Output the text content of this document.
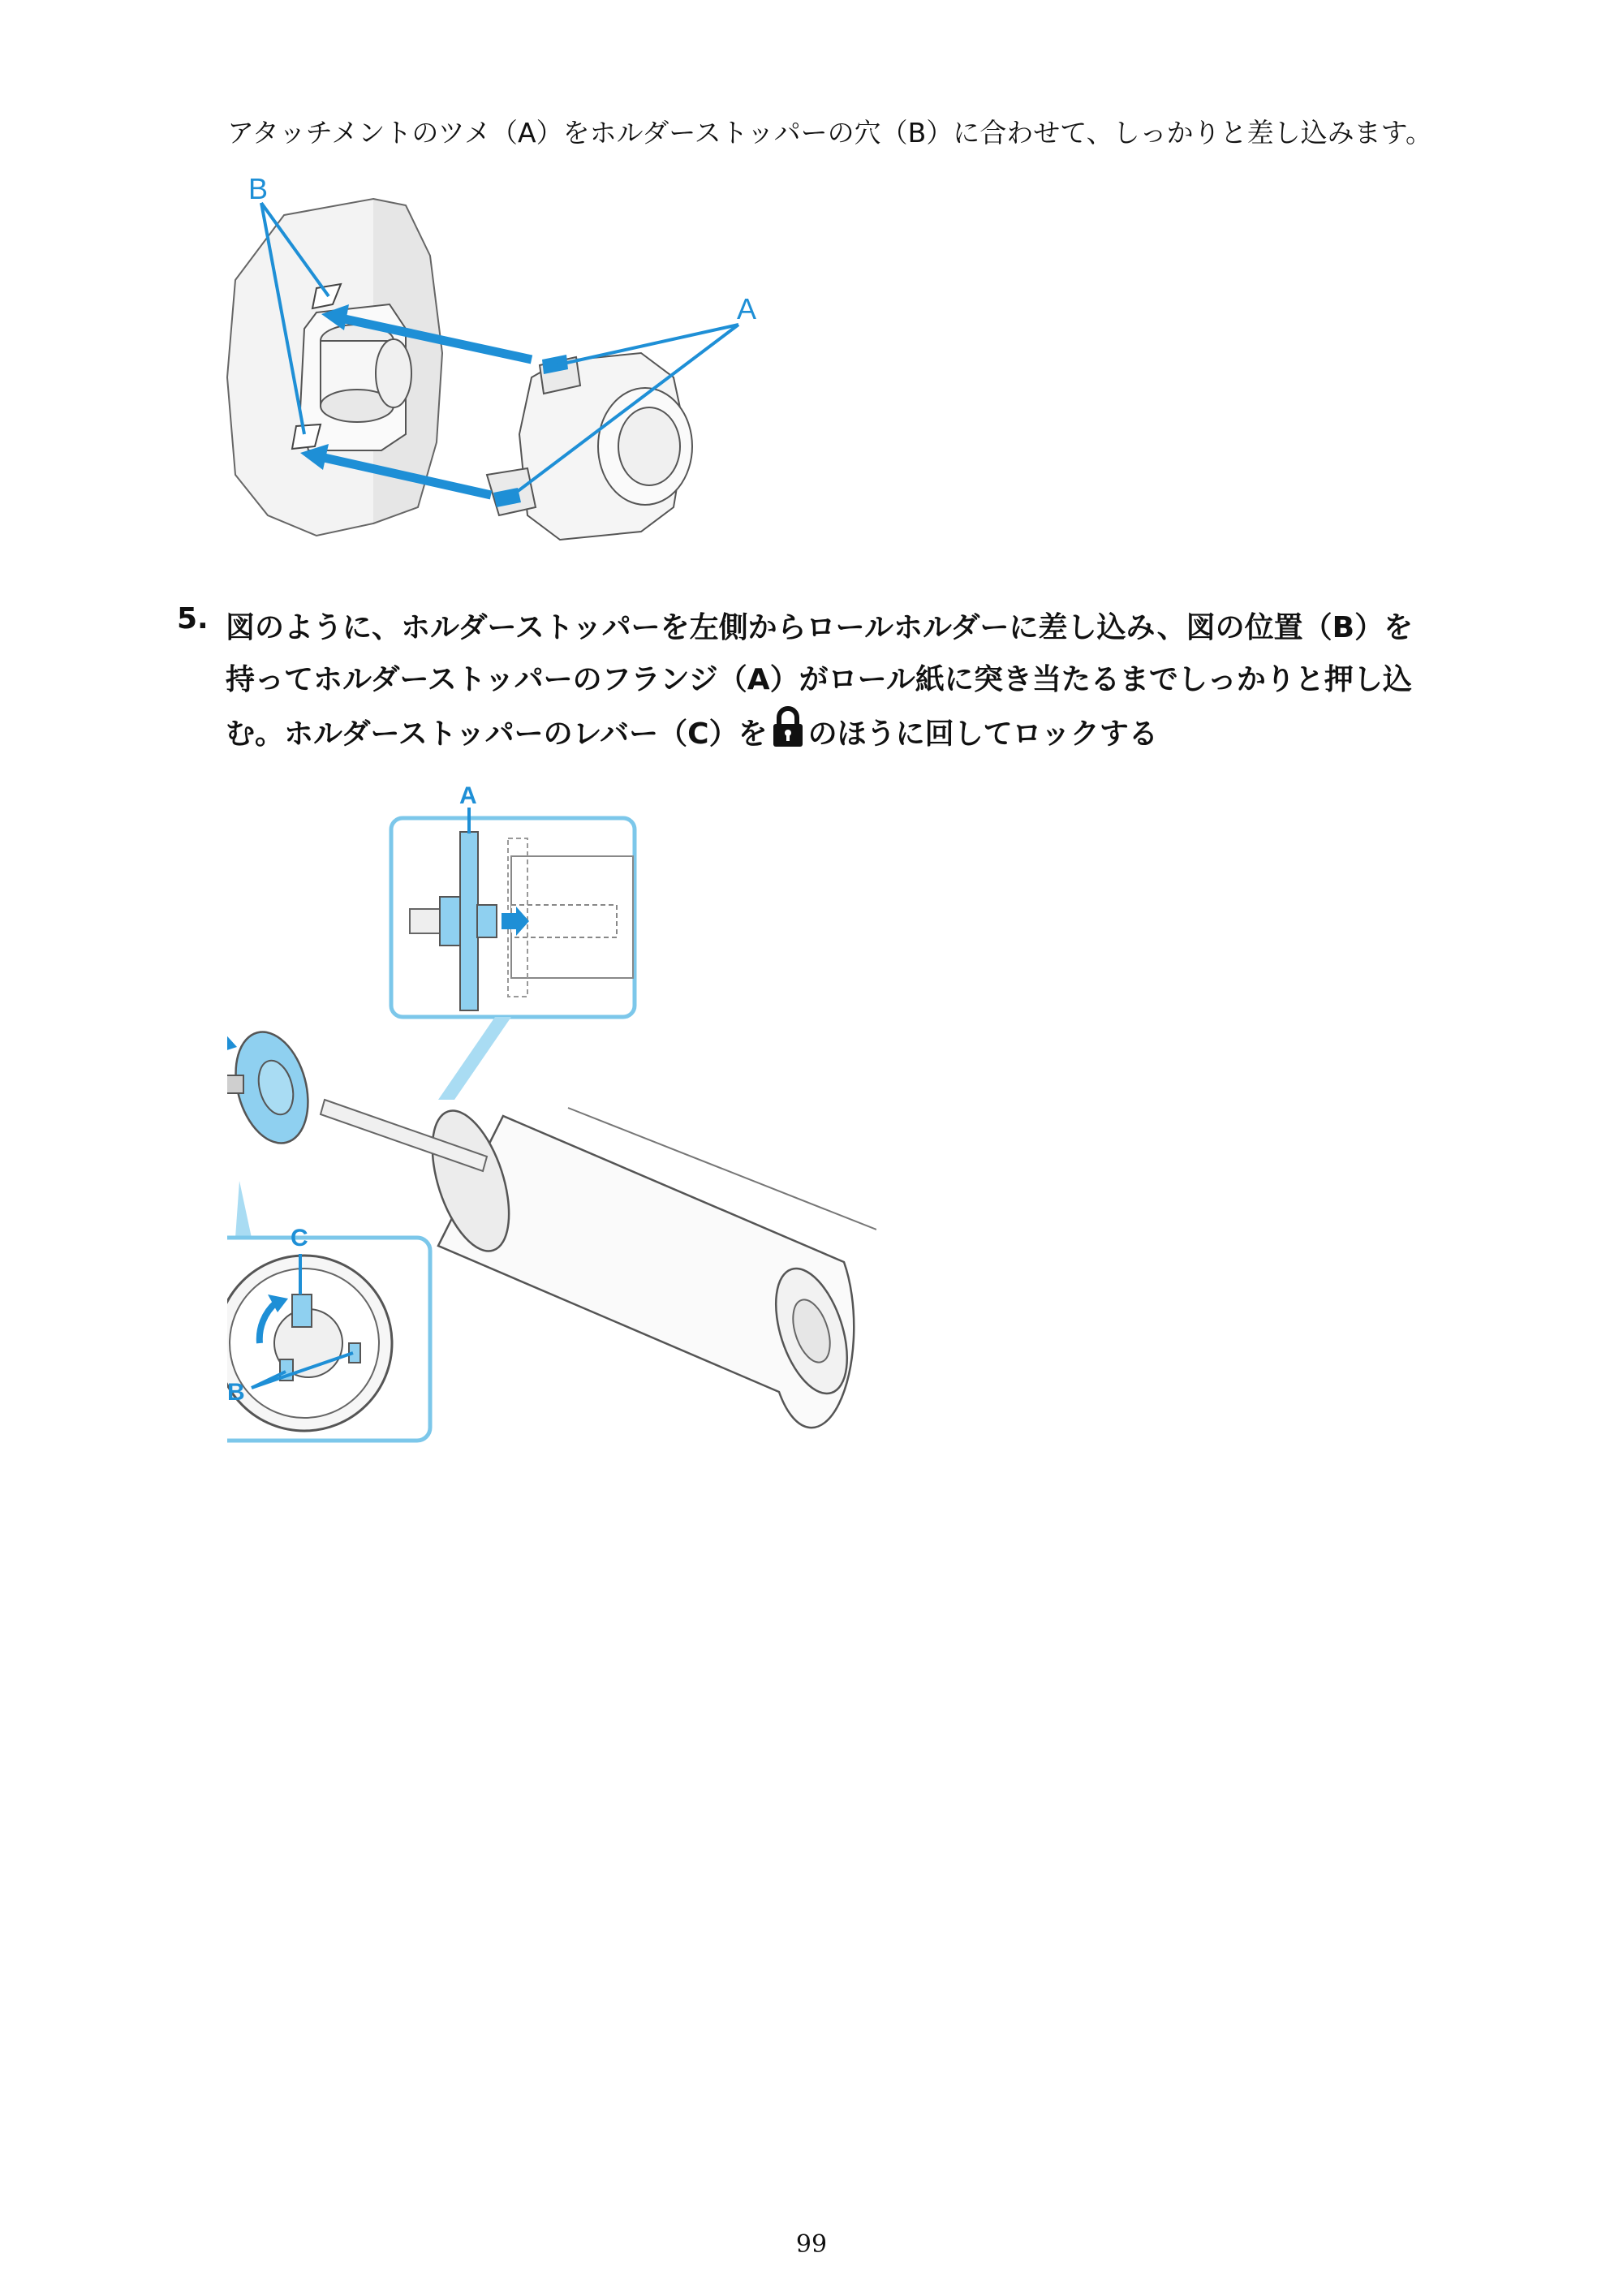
アタッチメントのツメ（A）をホルダーストッパーの穴（B）に合わせて、しっかりと差し込みます。
B
A
5. 図のように、ホルダーストッパーを左側からロールホルダーに差し込み、図の位置（B）を
持ってホルダーストッパーのフランジ（A）がロール紙に突き当たるまでしっかりと押し込
む。ホルダーストッパーのレバー（C）を のほうに回してロックする
A
C
B
99
